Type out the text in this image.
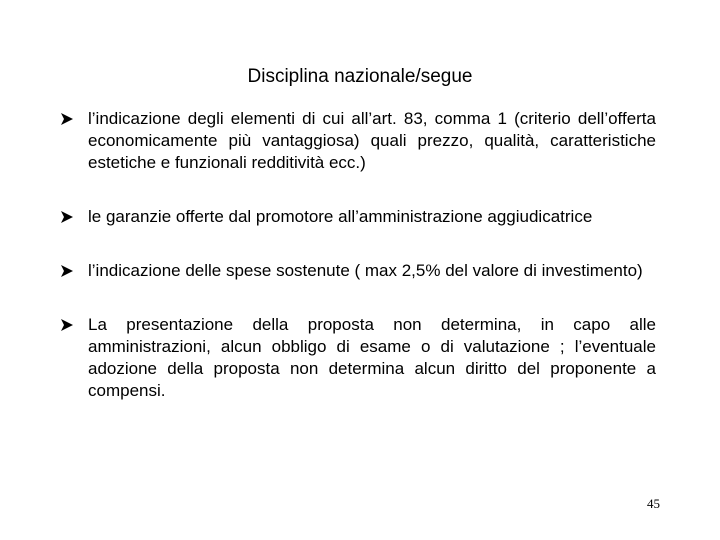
Disciplina nazionale/segue
l’indicazione degli elementi di cui all’art. 83, comma 1 (criterio dell’offerta economicamente più vantaggiosa) quali prezzo, qualità, caratteristiche estetiche e funzionali redditività ecc.)
le garanzie offerte dal promotore all’amministrazione aggiudicatrice
l’indicazione delle spese sostenute ( max 2,5% del valore di investimento)
La presentazione della proposta non determina, in capo alle amministrazioni, alcun obbligo di esame o di valutazione ; l’eventuale adozione della proposta non determina alcun diritto del proponente a compensi.
45
